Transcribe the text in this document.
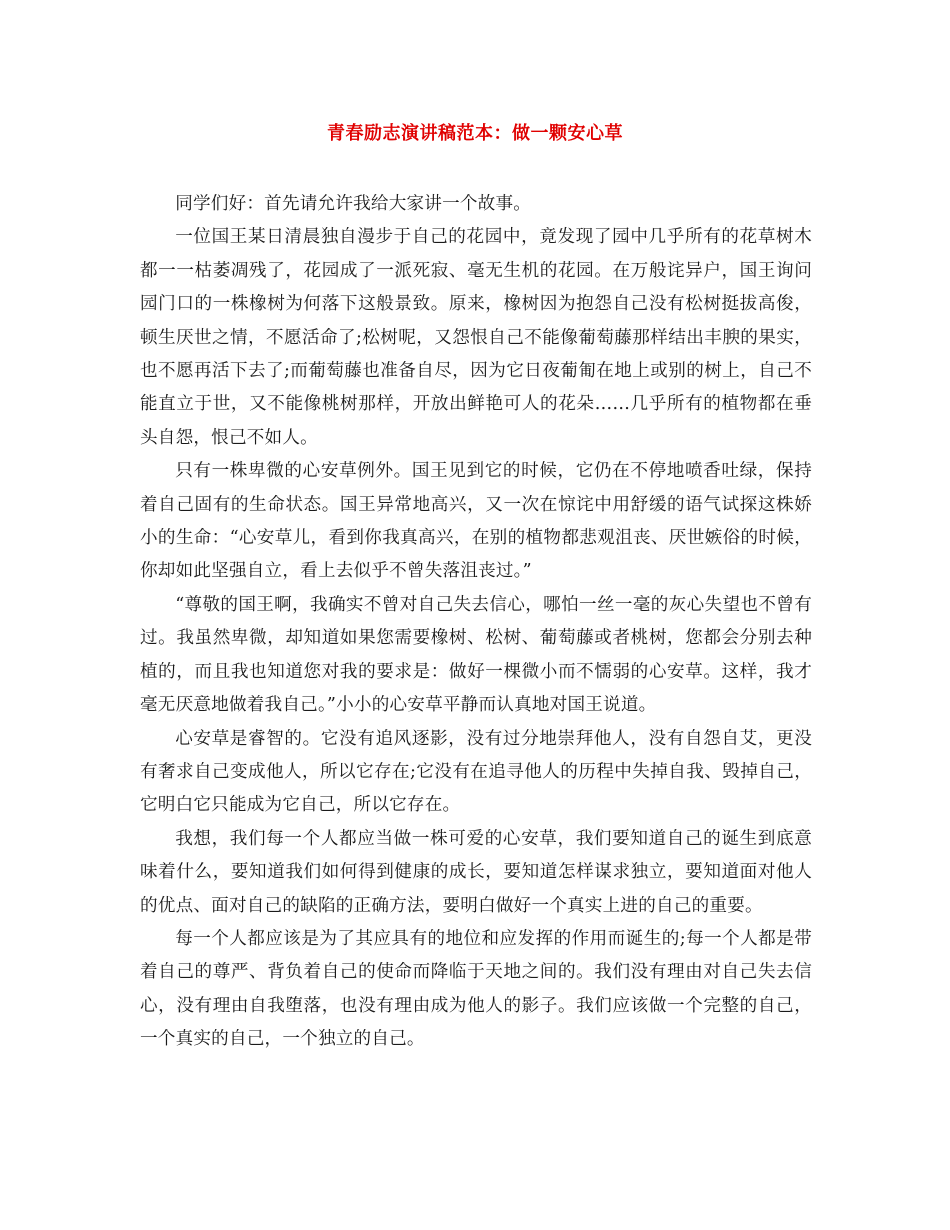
青春励志演讲稿范本：做一颗安心草

同学们好：首先请允许我给大家讲一个故事。

一位国王某日清晨独自漫步于自己的花园中，竟发现了园中几乎所有的花草树木都一一枯萎凋残了，花园成了一派死寂、毫无生机的花园。在万般诧异户，国王询问园门口的一株橡树为何落下这般景致。原来，橡树因为抱怨自己没有松树挺拔高俊，顿生厌世之情，不愿活命了;松树呢，又怨恨自己不能像葡萄藤那样结出丰腴的果实，也不愿再活下去了;而葡萄藤也准备自尽，因为它日夜葡匍在地上或别的树上，自己不能直立于世，又不能像桃树那样，开放出鲜艳可人的花朵……几乎所有的植物都在垂头自怨，恨己不如人。

只有一株卑微的心安草例外。国王见到它的时候，它仍在不停地喷香吐绿，保持着自己固有的生命状态。国王异常地高兴，又一次在惊诧中用舒缓的语气试探这株娇小的生命：“心安草儿，看到你我真高兴，在别的植物都悲观沮丧、厌世嫉俗的时候，你却如此坚强自立，看上去似乎不曾失落沮丧过。”

“尊敬的国王啊，我确实不曾对自己失去信心，哪怕一丝一毫的灰心失望也不曾有过。我虽然卑微，却知道如果您需要橡树、松树、葡萄藤或者桃树，您都会分别去种植的，而且我也知道您对我的要求是：做好一棵微小而不懦弱的心安草。这样，我才毫无厌意地做着我自己。”小小的心安草平静而认真地对国王说道。

心安草是睿智的。它没有追风逐影，没有过分地崇拜他人，没有自怨自艾，更没有奢求自己变成他人，所以它存在;它没有在追寻他人的历程中失掉自我、毁掉自己，它明白它只能成为它自己，所以它存在。

我想，我们每一个人都应当做一株可爱的心安草，我们要知道自己的诞生到底意味着什么，要知道我们如何得到健康的成长，要知道怎样谋求独立，要知道面对他人的优点、面对自己的缺陷的正确方法，要明白做好一个真实上进的自己的重要。

每一个人都应该是为了其应具有的地位和应发挥的作用而诞生的;每一个人都是带着自己的尊严、背负着自己的使命而降临于天地之间的。我们没有理由对自己失去信心，没有理由自我堕落，也没有理由成为他人的影子。我们应该做一个完整的自己，一个真实的自己，一个独立的自己。
